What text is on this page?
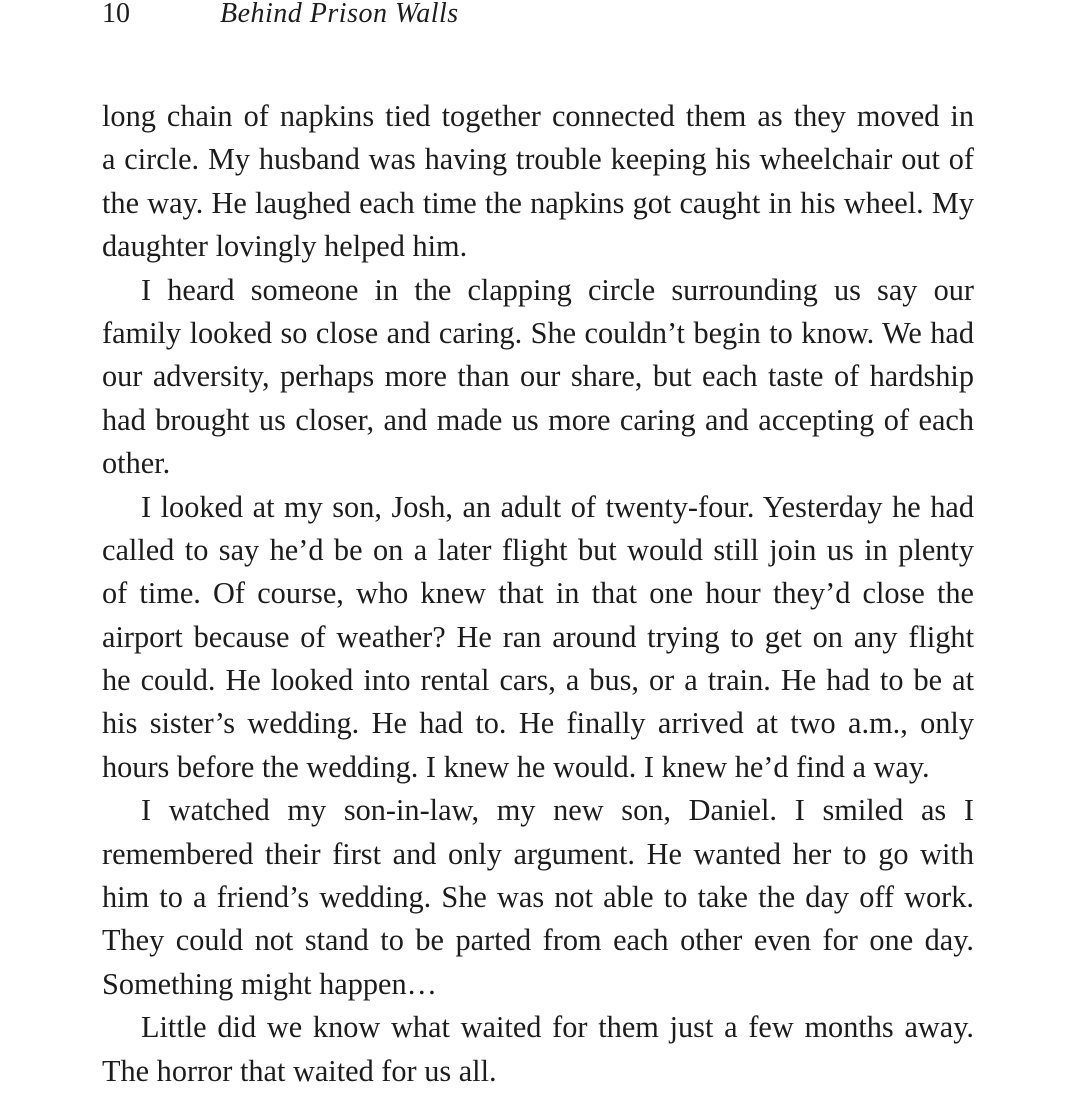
10	Behind Prison Walls
long chain of napkins tied together connected them as they moved in
a circle. My husband was having trouble keeping his wheelchair out of
the way. He laughed each time the napkins got caught in his wheel. My
daughter lovingly helped him.
I heard someone in the clapping circle surrounding us say our
family looked so close and caring. She couldn’t begin to know. We had
our adversity, perhaps more than our share, but each taste of hardship
had brought us closer, and made us more caring and accepting of each
other.
I looked at my son, Josh, an adult of twenty-four. Yesterday he had
called to say he’d be on a later flight but would still join us in plenty
of time. Of course, who knew that in that one hour they’d close the
airport because of weather? He ran around trying to get on any flight
he could. He looked into rental cars, a bus, or a train. He had to be at
his sister’s wedding. He had to. He finally arrived at two a.m., only
hours before the wedding. I knew he would. I knew he’d find a way.
I watched my son-in-law, my new son, Daniel. I smiled as I
remembered their first and only argument. He wanted her to go with
him to a friend’s wedding. She was not able to take the day off work.
They could not stand to be parted from each other even for one day.
Something might happen…
Little did we know what waited for them just a few months away.
The horror that waited for us all.
